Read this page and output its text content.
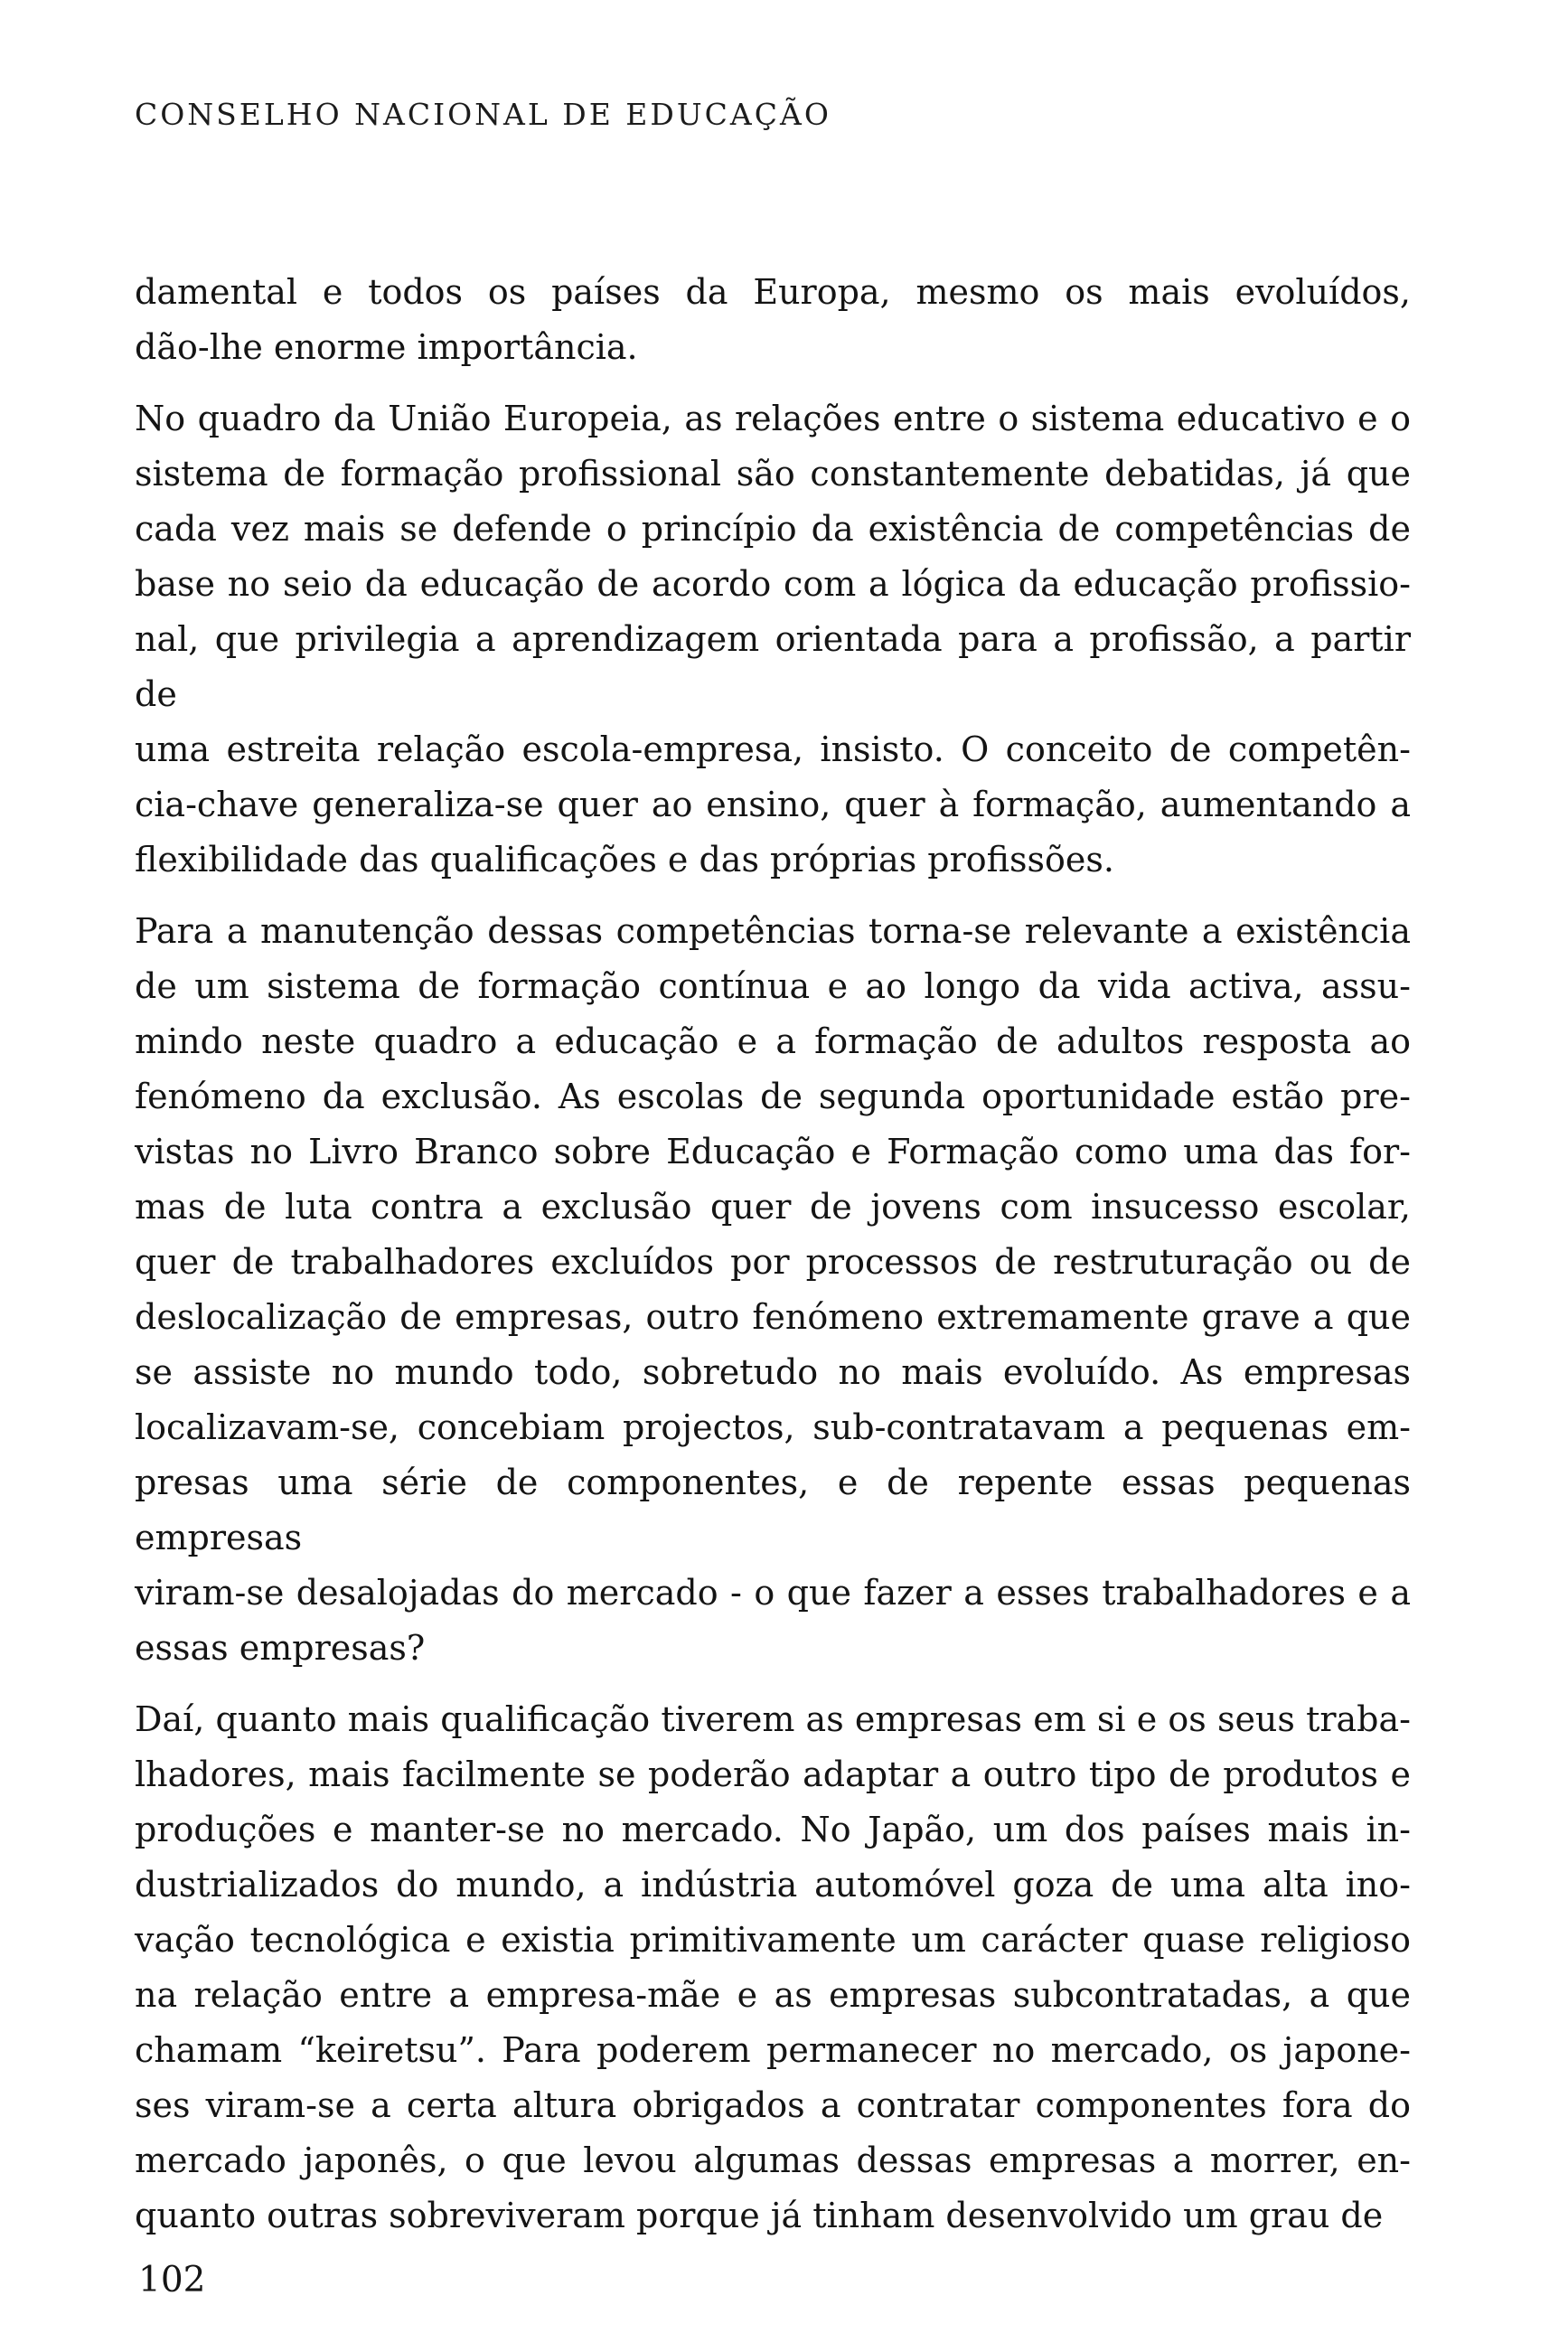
CONSELHO NACIONAL DE EDUCAÇÃO

damental e todos os países da Europa, mesmo os mais evoluídos,
dão-lhe enorme importância.

No quadro da União Europeia, as relações entre o sistema educativo e o
sistema de formação profissional são constantemente debatidas, já que
cada vez mais se defende o princípio da existência de competências de
base no seio da educação de acordo com a lógica da educação profissio-
nal, que privilegia a aprendizagem orientada para a profissão, a partir de
uma estreita relação escola-empresa, insisto. O conceito de competên-
cia-chave generaliza-se quer ao ensino, quer à formação, aumentando a
flexibilidade das qualificações e das próprias profissões.

Para a manutenção dessas competências torna-se relevante a existência
de um sistema de formação contínua e ao longo da vida activa, assu-
mindo neste quadro a educação e a formação de adultos resposta ao
fenómeno da exclusão. As escolas de segunda oportunidade estão pre-
vistas no Livro Branco sobre Educação e Formação como uma das for-
mas de luta contra a exclusão quer de jovens com insucesso escolar,
quer de trabalhadores excluídos por processos de restruturação ou de
deslocalização de empresas, outro fenómeno extremamente grave a que
se assiste no mundo todo, sobretudo no mais evoluído. As empresas
localizavam-se, concebiam projectos, sub-contratavam a pequenas em-
presas uma série de componentes, e de repente essas pequenas empresas
viram-se desalojadas do mercado - o que fazer a esses trabalhadores e a
essas empresas?

Daí, quanto mais qualificação tiverem as empresas em si e os seus traba-
lhadores, mais facilmente se poderão adaptar a outro tipo de produtos e
produções e manter-se no mercado. No Japão, um dos países mais in-
dustrializados do mundo, a indústria automóvel goza de uma alta ino-
vação tecnológica e existia primitivamente um carácter quase religioso
na relação entre a empresa-mãe e as empresas subcontratadas, a que
chamam “keiretsu”. Para poderem permanecer no mercado, os japone-
ses viram-se a certa altura obrigados a contratar componentes fora do
mercado japonês, o que levou algumas dessas empresas a morrer, en-
quanto outras sobreviveram porque já tinham desenvolvido um grau de

102
